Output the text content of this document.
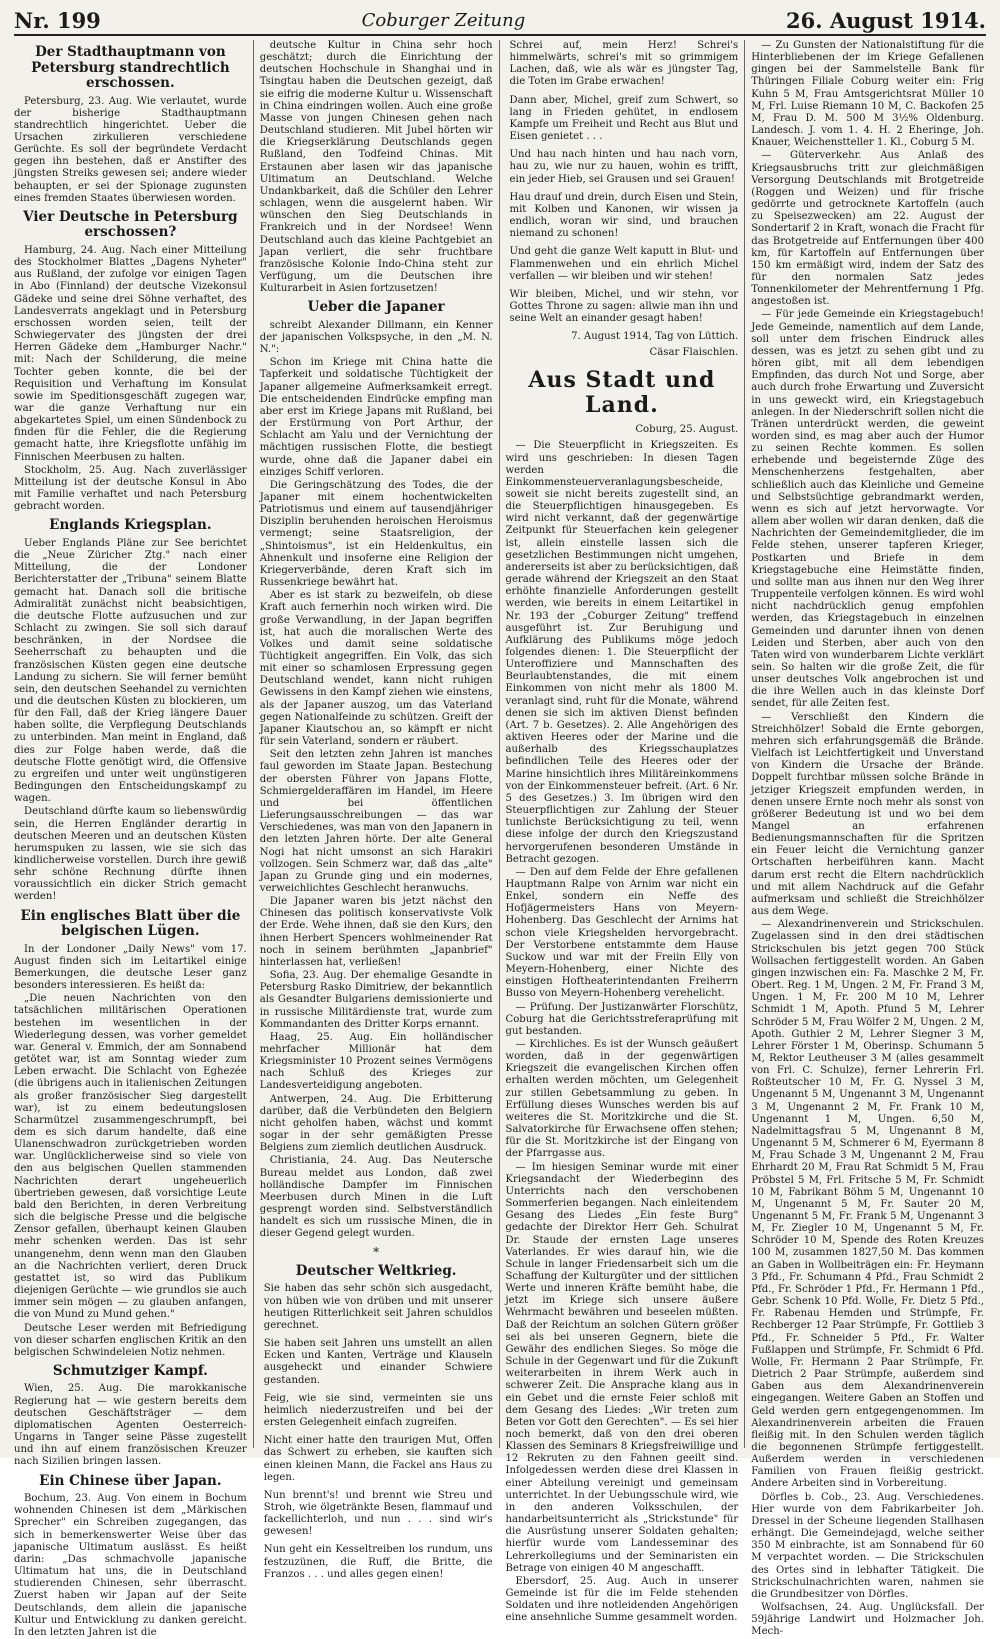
Nr. 199	Coburger Zeitung	26. August 1914.
Der Stadthauptmann von Petersburg standrechtlich erschossen.

Petersburg, 23. Aug. Wie verlautet, wurde der bisherige Stadthauptmann standrechtlich hingerichtet. Ueber die Ursachen zirkulieren verschiedene Gerüchte. Es soll der begründete Verdacht gegen ihn bestehen, daß er Anstifter des jüngsten Streiks gewesen sei; andere wieder behaupten, er sei der Spionage zugunsten eines fremden Staates überwiesen worden.

Vier Deutsche in Petersburg erschossen?

Hamburg, 24. Aug. Nach einer Mitteilung des Stockholmer Blattes „Dagens Nyheter" aus Rußland, der zufolge vor einigen Tagen in Abo (Finnland) der deutsche Vizekonsul Gädeke und seine drei Söhne verhaftet, des Landesverrats angeklagt und in Petersburg erschossen worden seien, teilt der Schwiegervater des jüngsten der drei Herren Gädeke dem „Hamburger Nachr." mit: Nach der Schilderung, die meine Tochter geben konnte, die bei der Requisition und Verhaftung im Konsulat sowie im Speditionsgeschäft zugegen war, war die ganze Verhaftung nur ein abgekartetes Spiel, um einen Sündenbock zu finden für die Fehler, die die Regierung gemacht hatte, ihre Kriegsflotte unfähig im Finnischen Meerbusen zu halten.

Stockholm, 25. Aug. Nach zuverlässiger Mitteilung ist der deutsche Konsul in Abo mit Familie verhaftet und nach Petersburg gebracht worden.

Englands Kriegsplan.

Ueber Englands Pläne zur See berichtet die „Neue Züricher Ztg." nach einer Mitteilung, die der Londoner Berichterstatter der „Tribuna" seinem Blatte gemacht hat. Danach soll die britische Admiralität zunächst nicht beabsichtigen, die deutsche Flotte aufzusuchen und zur Schlacht zu zwingen. Sie soll sich darauf beschränken, in der Nordsee die Seeherrschaft zu behaupten und die französischen Küsten gegen eine deutsche Landung zu sichern. Sie will ferner bemüht sein, den deutschen Seehandel zu vernichten und die deutschen Küsten zu blockieren, um für den Fall, daß der Krieg längere Dauer haben sollte, die Verpflegung Deutschlands zu unterbinden. Man meint in England, daß dies zur Folge haben werde, daß die deutsche Flotte genötigt wird, die Offensive zu ergreifen und unter weit ungünstigeren Bedingungen den Entscheidungskampf zu wagen.

Deutschland dürfte kaum so liebenswürdig sein, die Herren Engländer derartig in deutschen Meeren und an deutschen Küsten herumspuken zu lassen, wie sie sich das kindlicherweise vorstellen. Durch ihre gewiß sehr schöne Rechnung dürfte ihnen voraussichtlich ein dicker Strich gemacht werden!

Ein englisches Blatt über die belgischen Lügen.

In der Londoner „Daily News" vom 17. August finden sich im Leitartikel einige Bemerkungen, die deutsche Leser ganz besonders interessieren. Es heißt da:

„Die neuen Nachrichten von den tatsächlichen militärischen Operationen bestehen im wesentlichen in der Wiederlegung dessen, was vorher gemeldet war. General v. Emmich, der am Sonnabend getötet war, ist am Sonntag wieder zum Leben erwacht. Die Schlacht von Eghezée (die übrigens auch in italienischen Zeitungen als großer französischer Sieg dargestellt war), ist zu einem bedeutungslosen Scharmützel zusammengeschrumpft, bei dem es sich darum handelte, daß eine Ulanenschwadron zurückgetrieben worden war. Unglücklicherweise sind so viele von den aus belgischen Quellen stammenden Nachrichten derart ungeheuerlich übertrieben gewesen, daß vorsichtige Leute bald den Berichten, in deren Verbreitung sich die belgische Presse und die belgische Zensor gefallen, überhaupt keinen Glauben mehr schenken werden. Das ist sehr unangenehm, denn wenn man den Glauben an die Nachrichten verliert, deren Druck gestattet ist, so wird das Publikum diejenigen Gerüchte — wie grundlos sie auch immer sein mögen — zu glauben anfangen, die von Mund zu Mund gehen."

Deutsche Leser werden mit Befriedigung von dieser scharfen englischen Kritik an den belgischen Schwindeleien Notiz nehmen.

Schmutziger Kampf.

Wien, 25. Aug. Die marokkanische Regierung hat — wie gestern bereits dem deutschen Geschäftsträger — dem diplomatischen Agenten Oesterreich-Ungarns in Tanger seine Pässe zugestellt und ihn auf einem französischen Kreuzer nach Sizilien bringen lassen.

Ein Chinese über Japan.

Bochum, 23. Aug. Von einem in Bochum wohnenden Chinesen ist dem „Märkischen Sprecher" ein Schreiben zugegangen, das sich in bemerkenswerter Weise über das japanische Ultimatum auslässt. Es heißt darin: „Das schmachvolle japanische Ultimatum hat uns, die in Deutschland studierenden Chinesen, sehr überrascht. Zuerst haben wir Japan auf der Seite Deutschlands, dem allein die japanische Kultur und Entwicklung zu danken gereicht. In den letzten Jahren ist die

deutsche Kultur in China sehr hoch geschätzt; durch die Einrichtung der deutschen Hochschule in Shanghai und in Tsingtau haben die Deutschen gezeigt, daß sie eifrig die moderne Kultur u. Wissenschaft in China eindringen wollen. Auch eine große Masse von jungen Chinesen gehen nach Deutschland studieren. Mit Jubel hörten wir die Kriegserklärung Deutschlands gegen Rußland, den Todfeind Chinas. Mit Erstaunen aber lasen wir das japanische Ultimatum an Deutschland. Welche Undankbarkeit, daß die Schüler den Lehrer schlagen, wenn die ausgelernt haben. Wir wünschen den Sieg Deutschlands in Frankreich und in der Nordsee! Wenn Deutschland auch das kleine Pachtgebiet an Japan verliert, die sehr fruchtbare französische Kolonie Indo-China steht zur Verfügung, um die Deutschen ihre Kulturarbeit in Asien fortzusetzen!

Ueber die Japaner

schreibt Alexander Dillmann, ein Kenner der japanischen Volkspsyche, in den „M. N. N.":

Schon im Kriege mit China hatte die Tapferkeit und soldatische Tüchtigkeit der Japaner allgemeine Aufmerksamkeit erregt. Die entscheidenden Eindrücke empfing man aber erst im Kriege Japans mit Rußland, bei der Erstürmung von Port Arthur, der Schlacht am Yalu und der Vernichtung der mächtigen russischen Flotte, die bestiegt wurde, ohne daß die Japaner dabei ein einziges Schiff verloren.

Die Geringschätzung des Todes, die der Japaner mit einem hochentwickelten Patriotismus und einem auf tausendjähriger Disziplin beruhenden heroischen Heroismus vermengt; seine Staatsreligion, der „Shintoismus", ist ein Heldenkultus, ein Ahnenkult und insoferne eine Religion der Kriegerverbände, deren Kraft sich im Russenkriege bewährt hat.

Aber es ist stark zu bezweifeln, ob diese Kraft auch fernerhin noch wirken wird. Die große Verwandlung, in der Japan begriffen ist, hat auch die moralischen Werte des Volkes und damit seine soldatische Tüchtigkeit angegriffen. Ein Volk, das sich mit einer so schamlosen Erpressung gegen Deutschland wendet, kann nicht ruhigen Gewissens in den Kampf ziehen wie einstens, als der Japaner auszog, um das Vaterland gegen Nationalfeinde zu schützen. Greift der Japaner Kiautschou an, so kämpft er nicht für sein Vaterland, sondern er räubert.

Seit den letzten zehn Jahren ist manches faul geworden im Staate Japan. Bestechung der obersten Führer von Japans Flotte, Schmiergelderaffären im Handel, im Heere und bei öffentlichen Lieferungsausschreibungen — das war Verschiedenes, was man von den Japanern in den letzten Jahren hörte. Der alte General Nogi hat nicht umsonst an sich Harakiri vollzogen. Sein Schmerz war, daß das „alte" Japan zu Grunde ging und ein modernes, verweichlichtes Geschlecht heranwuchs.

Die Japaner waren bis jetzt nächst den Chinesen das politisch konservativste Volk der Erde. Wehe ihnen, daß sie den Kurs, den ihnen Herbert Spencers wohlmeinender Rat noch in seinem berühmten „Japanbrief" hinterlassen hat, verließen!

Sofia, 23. Aug. Der ehemalige Gesandte in Petersburg Rasko Dimitriew, der bekanntlich als Gesandter Bulgariens demissionierte und in russische Militärdienste trat, wurde zum Kommandanten des Dritter Korps ernannt.

Haag, 25. Aug. Ein holländischer mehrfacher Millionär hat dem Kriegsminister 10 Prozent seines Vermögens nach Schluß des Krieges zur Landesverteidigung angeboten.

Antwerpen, 24. Aug. Die Erbitterung darüber, daß die Verbündeten den Belgiern nicht geholfen haben, wächst und kommt sogar in der sehr gemäßigten Presse Belgiens zum ziemlich deutlichen Ausdruck.

Christiania, 24. Aug. Das Neutersche Bureau meldet aus London, daß zwei holländische Dampfer im Finnischen Meerbusen durch Minen in die Luft gesprengt worden sind. Selbstverständlich handelt es sich um russische Minen, die in dieser Gegend gelegt wurden.

*
Deutscher Weltkrieg.
Sie haben das sehr schön sich ausgedacht, von hüben wie von drüben und mit unserer heutigen Ritterlichkeit seit Jahren schuldlos gerechnet.
Sie haben seit Jahren uns umstellt an allen Ecken und Kanten, Verträge und Klauseln ausgeheckt und einander Schwiere gestanden.
Feig, wie sie sind, vermeinten sie uns heimlich niederzustreifen und bei der ersten Gelegenheit einfach zugreifen.
Nicht einer hatte den traurigen Mut, Offen das Schwert zu erheben, sie kauften sich einen kleinen Mann, die Fackel ans Haus zu legen.
Nun brennt's! und brennt wie Streu und Stroh, wie ölgetränkte Besen, flammauf und fackellichterloh, und nun . . . sind wir's gewesen!
Nun geht ein Kesseltreiben los rundum, uns festzuzünen, die Ruff, die Britte, die Franzos . . . und alles gegen einen!
Schrei auf, mein Herz! Schrei's himmelwärts, schrei's mit so grimmigem Lachen, daß, wie als wär es jüngster Tag, die Toten im Grabe erwachen!
Dann aber, Michel, greif zum Schwert, so lang in Frieden gehütet, in endlosem Kampfe um Freiheit und Recht aus Blut und Eisen genietet . . .
Und hau nach hinten und hau nach vorn, hau zu, wie nur zu hauen, wohin es trifft, ein jeder Hieb, sei Grausen und sei Grauen!
Hau drauf und drein, durch Eisen und Stein, mit Kolben und Kanonen, wir wissen ja endlich, woran wir sind, und brauchen niemand zu schonen!
Und geht die ganze Welt kaputt in Blut- und Flammenwehen und ein ehrlich Michel verfallen — wir bleiben und wir stehen!
Wir bleiben, Michel, und wir stehn, vor Gottes Throne zu sagen: allwie man ihn und seine Welt an einander gesagt haben!
7. August 1914, Tag von Lüttich.
Cäsar Flaischlen.
Aus Stadt und Land.
Coburg, 25. August.

— Die Steuerpflicht in Kriegszeiten. Es wird uns geschrieben: In diesen Tagen werden die Einkommensteuerveranlagungsbescheide, soweit sie nicht bereits zugestellt sind, an die Steuerpflichtigen hinausgegeben. Es wird nicht verkannt, daß der gegenwärtige Zeitpunkt für Steuerfachen kein gelegener ist, allein einstelle lassen sich die gesetzlichen Bestimmungen nicht umgehen, andererseits ist aber zu berücksichtigen, daß gerade während der Kriegszeit an den Staat erhöhte finanzielle Anforderungen gestellt werden, wie bereits in einem Leitartikel in Nr. 193 der „Coburger Zeitung" treffend ausgeführt ist. Zur Beruhigung und Aufklärung des Publikums möge jedoch folgendes dienen: 1. Die Steuerpflicht der Unteroffiziere und Mannschaften des Beurlaubtenstandes, die mit einem Einkommen von nicht mehr als 1800 M. veranlagt sind, ruht für die Monate, während denen sie sich im aktiven Dienst befinden (Art. 7 b. Gesetzes). 2. Alle Angehörigen des aktiven Heeres oder der Marine und die außerhalb des Kriegsschauplatzes befindlichen Teile des Heeres oder der Marine hinsichtlich ihres Militäreinkommens von der Einkommensteuer befreit. (Art. 6 Nr. 5 des Gesetzes.) 3. Im übrigen wird den Steuerpflichtigen zur Zahlung der Steuer tunlichste Berücksichtigung zu teil, wenn diese infolge der durch den Kriegszustand hervorgerufenen besonderen Umstände in Betracht gezogen.

— Den auf dem Felde der Ehre gefallenen Hauptmann Ralpe von Arnim war nicht ein Enkel, sondern ein Neffe des Hofjägermeisters Hans von Meyern-Hohenberg. Das Geschlecht der Arnims hat schon viele Kriegshelden hervorgebracht. Der Verstorbene entstammte dem Hause Suckow und war mit der Freiin Elly von Meyern-Hohenberg, einer Nichte des einstigen Hoftheaterintendanten Freiherrn Busso von Meyern-Hohenberg verehelicht.

— Prüfung. Der Justizanwärter Florschütz, Coburg hat die Gerichtsstreferaprüfung mit gut bestanden.

— Kirchliches. Es ist der Wunsch geäußert worden, daß in der gegenwärtigen Kriegszeit die evangelischen Kirchen offen erhalten werden möchten, um Gelegenheit zur stillen Gebetsammlung zu geben. In Erfüllung dieses Wunsches werden bis auf weiteres die St. Moritzkirche und die St. Salvatorkirche für Erwachsene offen stehen; für die St. Moritzkirche ist der Eingang von der Pfarrgasse aus.

— Im hiesigen Seminar wurde mit einer Kriegsandacht der Wiederbeginn des Unterrichts nach den verschobenen Sommerferien begangen. Nach einleitendem Gesang des Liedes „Ein feste Burg" gedachte der Direktor Herr Geh. Schulrat Dr. Staude der ernsten Lage unseres Vaterlandes. Er wies darauf hin, wie die Schule in langer Friedensarbeit sich um die Schaffung der Kulturgüter und der sittlichen Werte und inneren Kräfte bemüht habe, die jetzt im Kriege sich unsere äußere Wehrmacht bewähren und beseelen müßten. Daß der Reichtum an solchen Gütern größer sei als bei unseren Gegnern, biete die Gewähr des endlichen Sieges. So möge die Schule in der Gegenwart und für die Zukunft weiterarbeiten in ihrem Werk auch in schwerer Zeit. Die Ansprache klang aus in ein Gebet und die ernste Feier schloß mit dem Gesang des Liedes: „Wir treten zum Beten vor Gott den Gerechten". — Es sei hier noch bemerkt, daß von den drei oberen Klassen des Seminars 8 Kriegsfreiwillige und 12 Rekruten zu den Fahnen geeilt sind. Infolgedessen werden diese drei Klassen in einer Abteilung vereinigt und gemeinsam unterrichtet. In der Uebungsschule wird, wie in den anderen Volksschulen, der handarbeitsunterricht als „Strickstunde" für die Ausrüstung unserer Soldaten gehalten; hierfür wurde vom Landesseminar des Lehrerkollegiums und der Seminaristen ein Betrage von einigen 40 M angeschafft.

Ebersdorf, 25. Aug. Auch in unserer Gemeinde ist für die im Felde stehenden Soldaten und ihre notleidenden Angehörigen eine ansehnliche Summe gesammelt worden.

— Zu Gunsten der Nationalstiftung für die Hinterbliebenen der im Kriege Gefallenen gingen bei der Sammelstelle Bank für Thüringen Filiale Coburg weiter ein: Frig Kuhn 5 M, Frau Amtsgerichtsrat Müller 10 M, Frl. Luise Riemann 10 M, C. Backofen 25 M, Frau D. M. 500 M 3½% Oldenburg. Landesch. J. vom 1. 4. H. 2 Eheringe, Joh. Knauer, Weichenstteller 1. Kl., Coburg 5 M.

— Güterverkehr. Aus Anlaß des Kriegsausbruchs tritt zur gleichmäßigen Versorgung Deutschlands mit Brotgetreide (Roggen und Weizen) und für frische gedörrte und getrocknete Kartoffeln (auch zu Speisezwecken) am 22. August der Sondertarif 2 in Kraft, wonach die Fracht für das Brotgetreide auf Entfernungen über 400 km, für Kartoffeln auf Entfernungen über 150 km ermäßigt wird, indem der Satz des für den normalen Satz jedes Tonnenkilometer der Mehrentfernung 1 Pfg. angestoßen ist.

— Für jede Gemeinde ein Kriegstagebuch! Jede Gemeinde, namentlich auf dem Lande, soll unter dem frischen Eindruck alles dessen, was es jetzt zu sehen gibt und zu hören gibt, mit all dem lebendigen Empfinden, das durch Not und Sorge, aber auch durch frohe Erwartung und Zuversicht in uns geweckt wird, ein Kriegstagebuch anlegen. In der Niederschrift sollen nicht die Tränen unterdrückt werden, die geweint worden sind, es mag aber auch der Humor zu seinen Rechte kommen. Es sollen erhebende und begeisternde Züge des Menschenherzens festgehalten, aber schließlich auch das Kleinliche und Gemeine und Selbstsüchtige gebrandmarkt werden, wenn es sich auf jetzt hervorwagte. Vor allem aber wollen wir daran denken, daß die Nachrichten der Gemeindemitglieder, die im Felde stehen, unserer tapferen Krieger, Postkarten und Briefe in dem Kriegstagebuche eine Heimstätte finden, und sollte man aus ihnen nur den Weg ihrer Truppenteile verfolgen können. Es wird wohl nicht nachdrücklich genug empfohlen werden, das Kriegstagebuch in einzelnen Gemeinden und darunter ihnen von denen Leiden und Sterben, aber auch von den Taten wird von wunderbarem Lichte verklärt sein. So halten wir die große Zeit, die für unser deutsches Volk angebrochen ist und die ihre Wellen auch in das kleinste Dorf sendet, für alle Zeiten fest.

— Verschließt den Kindern die Streichhölzer! Sobald die Ernte geborgen, mehren sich erfahrungsgemäß die Brände. Vielfach ist Leichtfertigkeit und Unverstand von Kindern die Ursache der Brände. Doppelt furchtbar müssen solche Brände in jetziger Kriegszeit empfunden werden, in denen unsere Ernte noch mehr als sonst von größerer Bedeutung ist und wo bei dem Mangel an erfahrenen Bedienungsmannschaften für die Spritzen ein Feuer leicht die Vernichtung ganzer Ortschaften herbeiführen kann. Macht darum erst recht die Eltern nachdrücklich und mit allem Nachdruck auf die Gefahr aufmerksam und schließt die Streichhölzer aus dem Wege.

— Alexandrinenverein und Strickschulen. Zugelassen sind in den drei städtischen Strickschulen bis jetzt gegen 700 Stück Wollsachen fertiggestellt worden. An Gaben gingen inzwischen ein: Fa. Maschke 2 M, Fr. Obert. Reg. 1 M, Ungen. 2 M, Fr. Frand 3 M, Ungen. 1 M, Fr. 200 M 10 M, Lehrer Schmidt 1 M, Apoth. Pfund 5 M, Lehrer Schröder 5 M, Frau Wölfer 2 M, Ungen. 2 M, Apoth. Guthier 2 M, Lehrer Siegner 3 M, Lehrer Förster 1 M, Oberinsp. Schumann 5 M, Rektor Leutheuser 3 M (alles gesammelt von Frl. C. Schulze), ferner Lehrerin Frl. Roßteutscher 10 M, Fr. G. Nyssel 3 M, Ungenannt 5 M, Ungenannt 3 M, Ungenannt 3 M, Ungenannt 2 M, Fr. Frank 10 M, Ungenannt 1 M, Ungen. 6,50 M, Nadelmittagsfrau 5 M, Ungenannt 8 M, Ungenannt 5 M, Schmerer 6 M, Eyermann 8 M, Frau Schade 3 M, Ungenannt 2 M, Frau Ehrhardt 20 M, Frau Rat Schmidt 5 M, Frau Pröbstel 5 M, Frl. Fritsche 5 M, Fr. Schmidt 10 M, Fabrikant Böhm 5 M, Ungenannt 10 M, Ungenannt 5 M, Fr. Sauter 20 M, Ungenannt 5 M, Fr. Frank 5 M, Ungenannt 3 M, Fr. Ziegler 10 M, Ungenannt 5 M, Fr. Schröder 10 M, Spende des Roten Kreuzes 100 M, zusammen 1827,50 M. Das kommen an Gaben in Wollbeiträgen ein: Fr. Heymann 3 Pfd., Fr. Schumann 4 Pfd., Frau Schmidt 2 Pfd., Fr. Schröder 1 Pfd., Fr. Hermann 1 Pfd., Gebr. Schenk 10 Pfd. Wolle, Fr. Dietz 5 Pfd., Fr. Rabenau Hemden und Strümpfe, Fr. Rechberger 12 Paar Strümpfe, Fr. Gottlieb 3 Pfd., Fr. Schneider 5 Pfd., Fr. Walter Fußlappen und Strümpfe, Fr. Schmidt 6 Pfd. Wolle, Fr. Hermann 2 Paar Strümpfe, Fr. Dietrich 2 Paar Strümpfe, außerdem sind Gaben aus dem Alexandrinenverein eingegangen. Weitere Gaben an Stoffen und Geld werden gern entgegengenommen. Im Alexandrinenverein arbeiten die Frauen fleißig mit. In den Schulen werden täglich die begonnenen Strümpfe fertiggestellt. Außerdem werden in verschiedenen Familien von Frauen fleißig gestrickt. Andere Arbeiten sind in Vorbereitung.

Dörfles b. Cob., 23. Aug. Verschiedenes. Hier wurde von dem Fabrikarbeiter Joh. Dressel in der Scheune liegenden Stallhasen erhängt. Die Gemeindejagd, welche seither 350 M einbrachte, ist am Sonnabend für 60 M verpachtet worden. — Die Strickschulen des Ortes sind in lebhafter Tätigkeit. Die Strickschulnachrichten waren, nahmen sie die Grundbesitzer von Dörfles.

Wolfsachsen, 24. Aug. Unglücksfall. Der 59jährige Landwirt und Holzmacher Joh. Mech-
